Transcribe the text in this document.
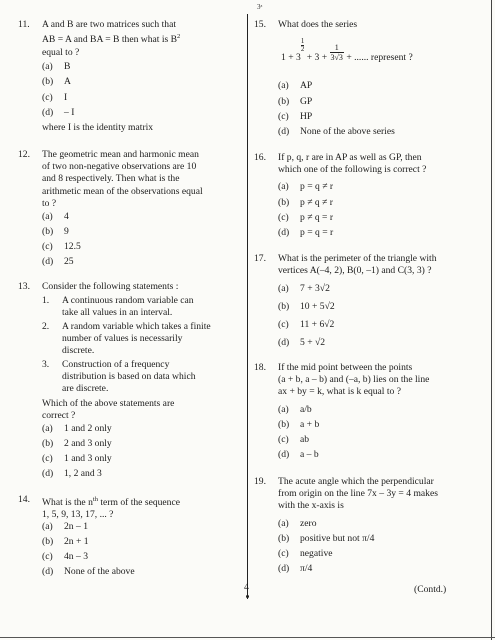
3ᵃ
11. A and B are two matrices such that
AB = A and BA = B then what is $B^2$
equal to ?
(a) B
(b) A
(c) I
(d) – I
where I is the identity matrix
12. The geometric mean and harmonic mean
of two non-negative observations are 10
and 8 respectively. Then what is the
arithmetic mean of the observations equal
to ?
(a) 4
(b) 9
(c) 12.5
(d) 25
13. Consider the following statements :
1. A continuous random variable can
take all values in an interval.
2. A random variable which takes a finite
number of values is necessarily
discrete.
3. Construction of a frequency
distribution is based on data which
are discrete.
Which of the above statements are
correct ?
(a) 1 and 2 only
(b) 2 and 3 only
(c) 1 and 3 only
(d) 1, 2 and 3
14. What is the $n^{th}$ term of the sequence
1, 5, 9, 13, 17, ... ?
(a) 2n – 1
(b) 2n + 1
(c) 4n – 3
(d) None of the above
15. What does the series
1 + 3
$\frac{1}{2}$
+ $3 + \frac{1}{3√3}$ + ...... represent ?
(a) AP
(b) GP
(c) HP
(d) None of the above series
16. If p, q, r are in AP as well as GP, then
which one of the following is correct ?
(a) p = q ≠ r
(b) p ≠ q ≠ r
(c) p ≠ q = r
(d) p = q = r
17. What is the perimeter of the triangle with
vertices A(–4, 2), B(0, –1) and C(3, 3) ?
(a) 7 + 3√2
(b) 10 + 5√2
(c) 11 + 6√2
(d) 5 + √2
18. If the mid point between the points
(a + b, a – b) and (–a, b) lies on the line
ax + by = k, what is k equal to ?
(a) a/b
(b) a + b
(c) ab
(d) a – b
19. The acute angle which the perpendicular
from origin on the line 7x – 3y = 4 makes
with the x-axis is
(a) zero
(b) positive but not π/4
(c) negative
(d) π/4
4	(Contd.)
